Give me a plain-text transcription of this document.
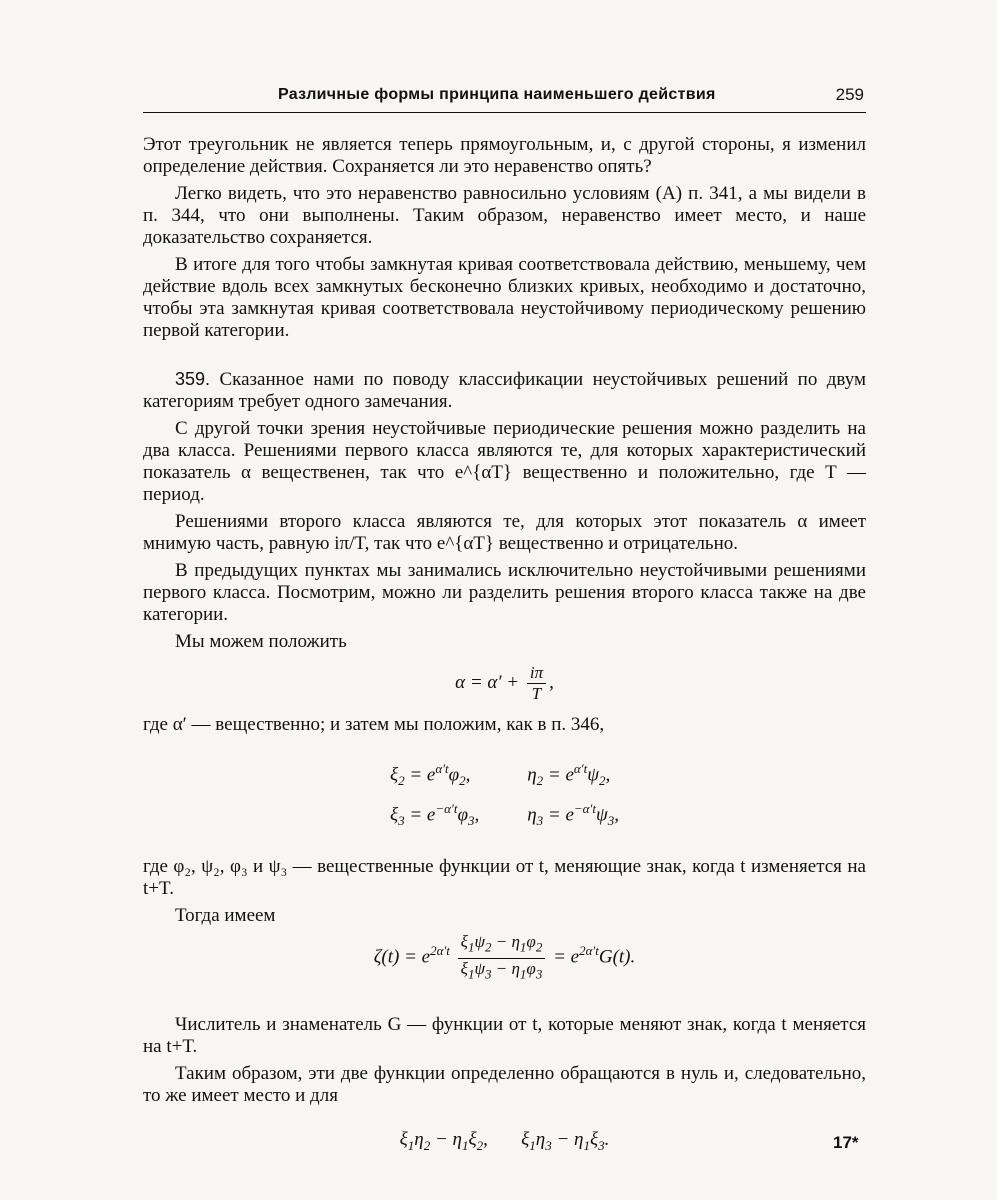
Различные формы принципа наименьшего действия	259

Этот треугольник не является теперь прямоугольным, и, с другой стороны, я изменил определение действия. Сохраняется ли это неравенство опять?

Легко видеть, что это неравенство равносильно условиям (A) п. 341, а мы видели в п. 344, что они выполнены. Таким образом, неравенство имеет место, и наше доказательство сохраняется.

В итоге для того чтобы замкнутая кривая соответствовала действию, меньшему, чем действие вдоль всех замкнутых бесконечно близких кривых, необходимо и достаточно, чтобы эта замкнутая кривая соответствовала неустойчивому периодическому решению первой категории.

359. Сказанное нами по поводу классификации неустойчивых решений по двум категориям требует одного замечания.

С другой точки зрения неустойчивые периодические решения можно разделить на два класса. Решениями первого класса являются те, для которых характеристический показатель α вещественен, так что e^{αT} вещественно и положительно, где T — период.

Решениями второго класса являются те, для которых этот показатель α имеет мнимую часть, равную iπ/T, так что e^{αT} вещественно и отрицательно.

В предыдущих пунктах мы занимались исключительно неустойчивыми решениями первого класса. Посмотрим, можно ли разделить решения второго класса также на две категории.

Мы можем положить

$\alpha = \alpha' + \frac{i\pi}{T}$ ,

где α′ — вещественно; и затем мы положим, как в п. 346,

$\xi_2 = e^{\alpha't}\varphi_2$,	$\eta_2 = e^{\alpha't}\psi_2$,
$\xi_3 = e^{-\alpha't}\varphi_3$,	$\eta_3 = e^{-\alpha't}\psi_3$,

где φ₂, ψ₂, φ₃ и ψ₃ — вещественные функции от t, меняющие знак, когда t изменяется на t+T.

Тогда имеем

$\zeta(t) = e^{2\alpha't} \frac{\xi_1\psi_2 - \eta_1\varphi_2}{\xi_1\psi_3 - \eta_1\varphi_3} = e^{2\alpha't}G(t)$.

Числитель и знаменатель G — функции от t, которые меняют знак, когда t меняется на t+T.

Таким образом, эти две функции определенно обращаются в нуль и, следовательно, то же имеет место и для

$\xi_1\eta_2 - \eta_1\xi_2$,       $\xi_1\eta_3 - \eta_1\xi_3$.	17*
